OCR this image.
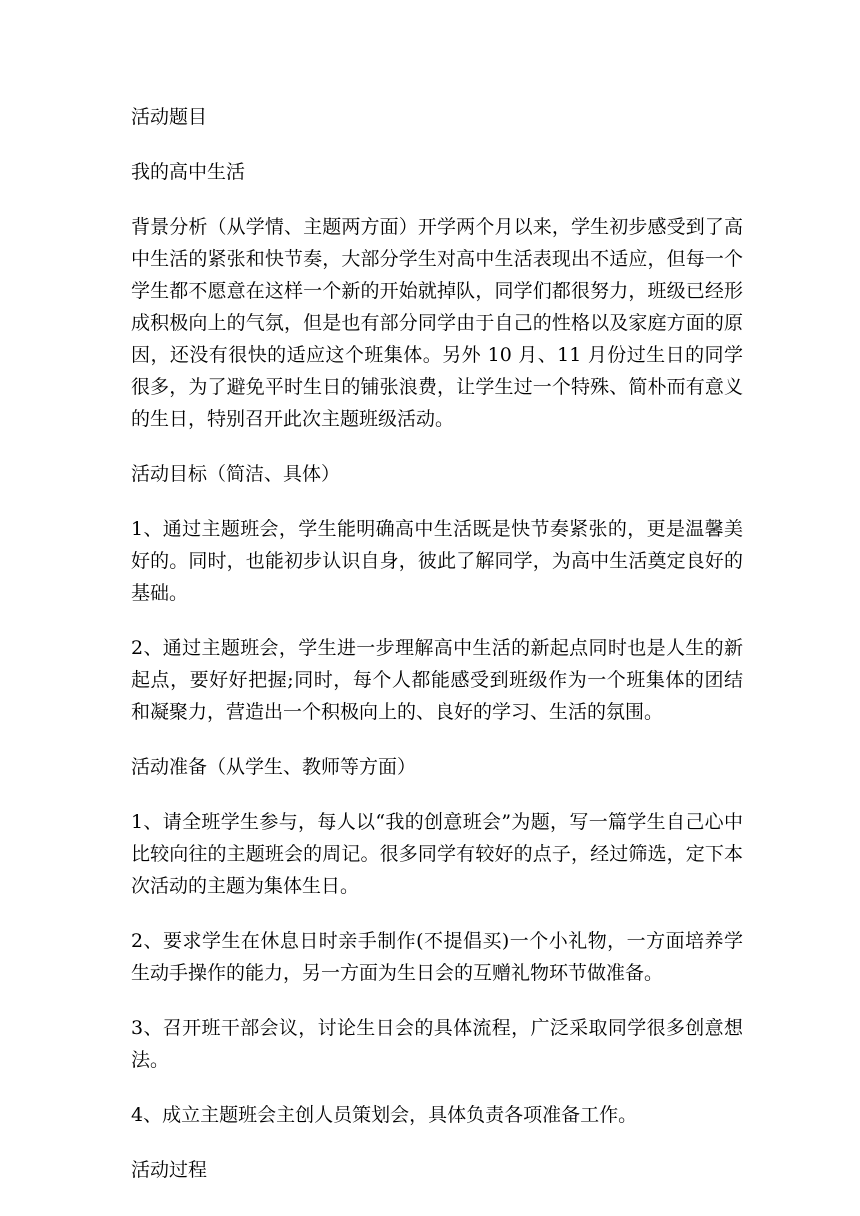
活动题目

我的高中生活

背景分析（从学情、主题两方面）开学两个月以来，学生初步感受到了高中生活的紧张和快节奏，大部分学生对高中生活表现出不适应，但每一个学生都不愿意在这样一个新的开始就掉队，同学们都很努力，班级已经形成积极向上的气氛，但是也有部分同学由于自己的性格以及家庭方面的原因，还没有很快的适应这个班集体。另外 10 月、11 月份过生日的同学很多，为了避免平时生日的铺张浪费，让学生过一个特殊、简朴而有意义的生日，特别召开此次主题班级活动。

活动目标（简洁、具体）

1、通过主题班会，学生能明确高中生活既是快节奏紧张的，更是温馨美好的。同时，也能初步认识自身，彼此了解同学，为高中生活奠定良好的基础。

2、通过主题班会，学生进一步理解高中生活的新起点同时也是人生的新起点，要好好把握;同时，每个人都能感受到班级作为一个班集体的团结和凝聚力，营造出一个积极向上的、良好的学习、生活的氛围。

活动准备（从学生、教师等方面）

1、请全班学生参与，每人以“我的创意班会”为题，写一篇学生自己心中比较向往的主题班会的周记。很多同学有较好的点子，经过筛选，定下本次活动的主题为集体生日。

2、要求学生在休息日时亲手制作(不提倡买)一个小礼物，一方面培养学生动手操作的能力，另一方面为生日会的互赠礼物环节做准备。

3、召开班干部会议，讨论生日会的具体流程，广泛采取同学很多创意想法。

4、成立主题班会主创人员策划会，具体负责各项准备工作。

活动过程
